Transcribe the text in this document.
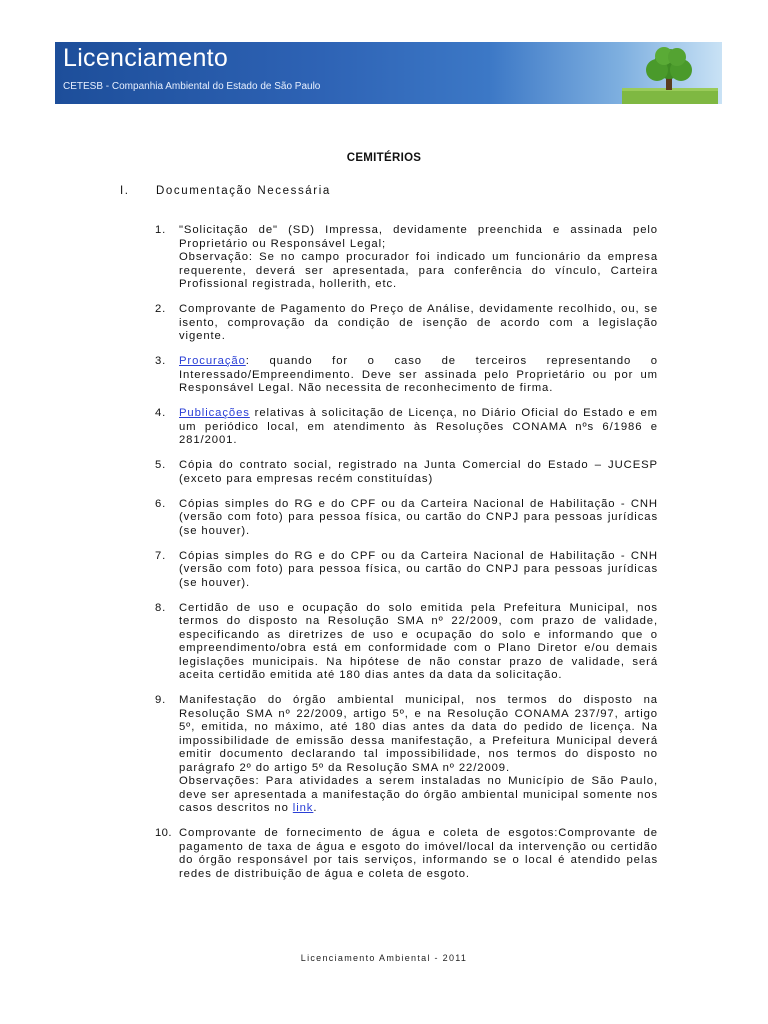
Licenciamento
CETESB - Companhia Ambiental do Estado de São Paulo
CEMITÉRIOS
I. Documentação Necessária
1. "Solicitação de" (SD) Impressa, devidamente preenchida e assinada pelo Proprietário ou Responsável Legal;

Observação: Se no campo procurador foi indicado um funcionário da empresa requerente, deverá ser apresentada, para conferência do vínculo, Carteira Profissional registrada, hollerith, etc.

2. Comprovante de Pagamento do Preço de Análise, devidamente recolhido, ou, se isento, comprovação da condição de isenção de acordo com a legislação vigente.

3. Procuração: quando for o caso de terceiros representando o Interessado/Empreendimento. Deve ser assinada pelo Proprietário ou por um Responsável Legal. Não necessita de reconhecimento de firma.

4. Publicações relativas à solicitação de Licença, no Diário Oficial do Estado e em um periódico local, em atendimento às Resoluções CONAMA nºs 6/1986 e 281/2001.

5. Cópia do contrato social, registrado na Junta Comercial do Estado – JUCESP (exceto para empresas recém constituídas)

6. Cópias simples do RG e do CPF ou da Carteira Nacional de Habilitação - CNH (versão com foto) para pessoa física, ou cartão do CNPJ para pessoas jurídicas (se houver).

7. Cópias simples do RG e do CPF ou da Carteira Nacional de Habilitação - CNH (versão com foto) para pessoa física, ou cartão do CNPJ para pessoas jurídicas (se houver).

8. Certidão de uso e ocupação do solo emitida pela Prefeitura Municipal, nos termos do disposto na Resolução SMA nº 22/2009, com prazo de validade, especificando as diretrizes de uso e ocupação do solo e informando que o empreendimento/obra está em conformidade com o Plano Diretor e/ou demais legislações municipais. Na hipótese de não constar prazo de validade, será aceita certidão emitida até 180 dias antes da data da solicitação.

9. Manifestação do órgão ambiental municipal, nos termos do disposto na Resolução SMA nº 22/2009, artigo 5º, e na Resolução CONAMA 237/97, artigo 5º, emitida, no máximo, até 180 dias antes da data do pedido de licença. Na impossibilidade de emissão dessa manifestação, a Prefeitura Municipal deverá emitir documento declarando tal impossibilidade, nos termos do disposto no parágrafo 2º do artigo 5º da Resolução SMA nº 22/2009.

Observações: Para atividades a serem instaladas no Município de São Paulo, deve ser apresentada a manifestação do órgão ambiental municipal somente nos casos descritos no link.

10. Comprovante de fornecimento de água e coleta de esgotos:Comprovante de pagamento de taxa de água e esgoto do imóvel/local da intervenção ou certidão do órgão responsável por tais serviços, informando se o local é atendido pelas redes de distribuição de água e coleta de esgoto.

Licenciamento Ambiental - 2011
